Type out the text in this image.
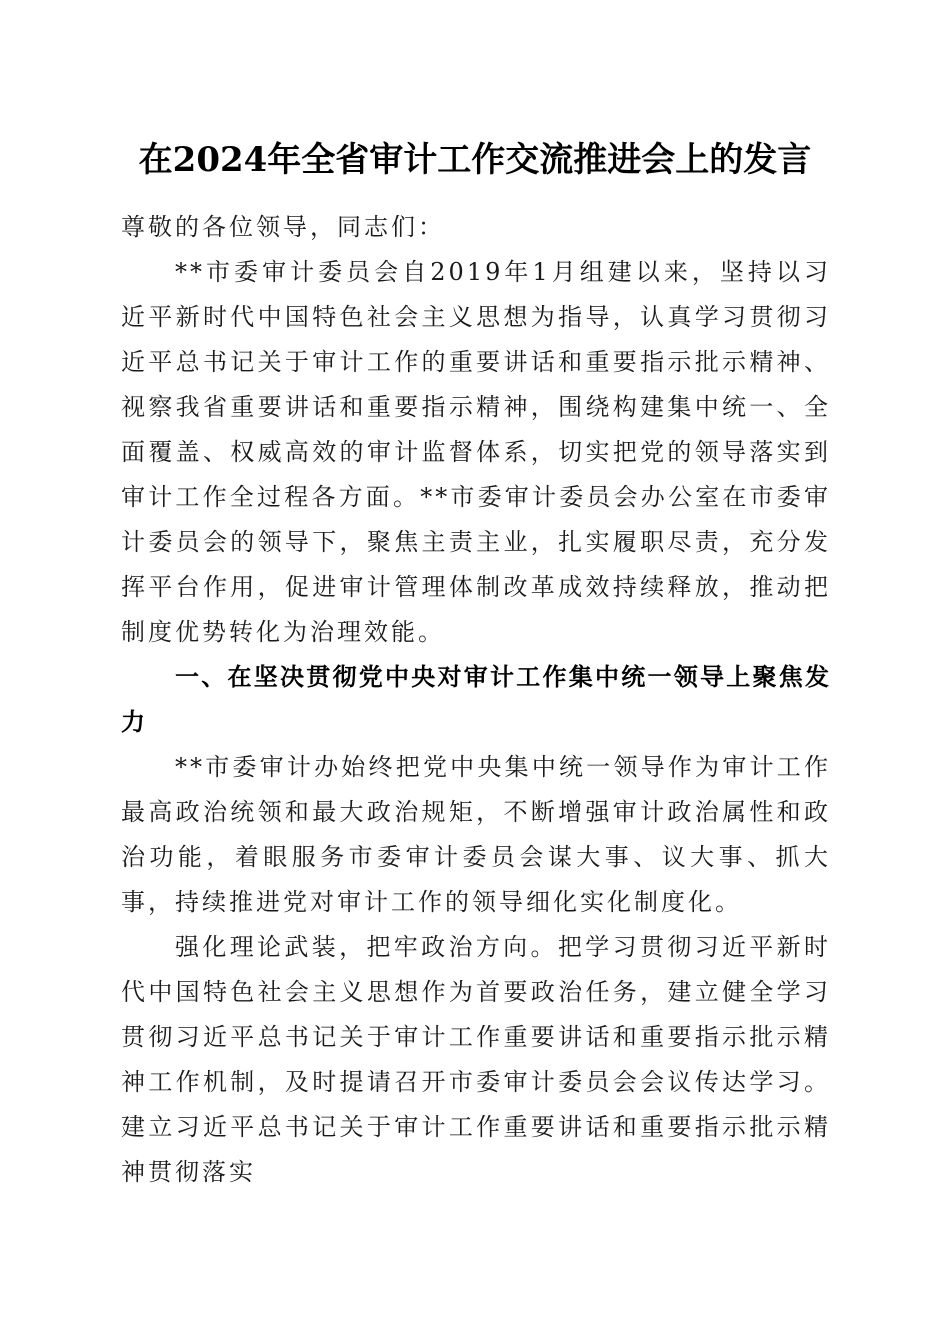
在2024年全省审计工作交流推进会上的发言

尊敬的各位领导，同志们：

**市委审计委员会自2019年1月组建以来，坚持以习近平新时代中国特色社会主义思想为指导，认真学习贯彻习近平总书记关于审计工作的重要讲话和重要指示批示精神、视察我省重要讲话和重要指示精神，围绕构建集中统一、全面覆盖、权威高效的审计监督体系，切实把党的领导落实到审计工作全过程各方面。**市委审计委员会办公室在市委审计委员会的领导下，聚焦主责主业，扎实履职尽责，充分发挥平台作用，促进审计管理体制改革成效持续释放，推动把制度优势转化为治理效能。

一、在坚决贯彻党中央对审计工作集中统一领导上聚焦发力

**市委审计办始终把党中央集中统一领导作为审计工作最高政治统领和最大政治规矩，不断增强审计政治属性和政治功能，着眼服务市委审计委员会谋大事、议大事、抓大事，持续推进党对审计工作的领导细化实化制度化。

强化理论武装，把牢政治方向。把学习贯彻习近平新时代中国特色社会主义思想作为首要政治任务，建立健全学习贯彻习近平总书记关于审计工作重要讲话和重要指示批示精神工作机制，及时提请召开市委审计委员会会议传达学习。建立习近平总书记关于审计工作重要讲话和重要指示批示精神贯彻落实
